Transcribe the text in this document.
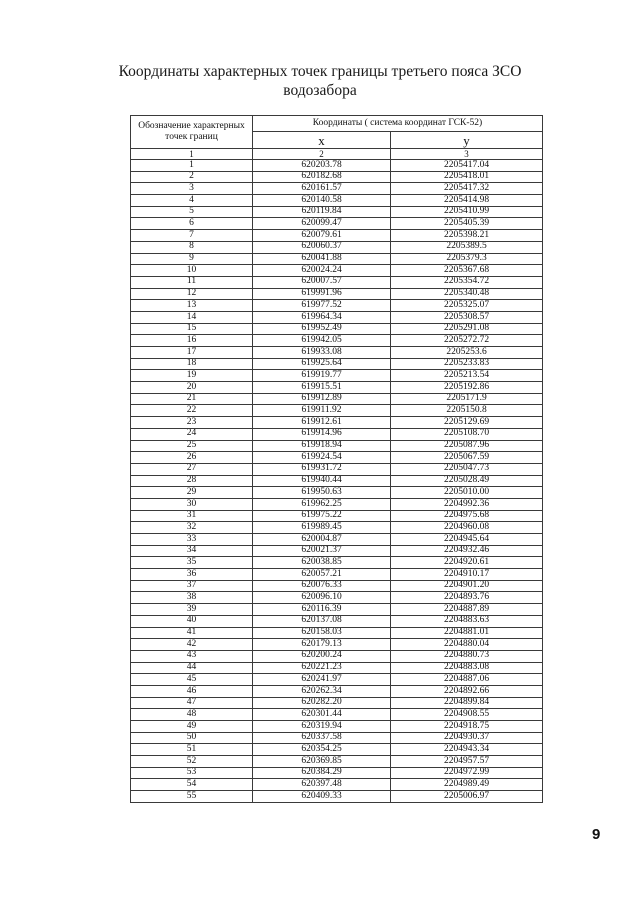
Координаты характерных точек границы третьего пояса ЗСО
водозабора
Обозначение характерных точек границ	Координаты ( система координат ГСК-52)	
	х	у
1	2	3
1	620203.78	2205417.04
2	620182.68	2205418.01
3	620161.57	2205417.32
4	620140.58	2205414.98
5	620119.84	2205410.99
6	620099.47	2205405.39
7	620079.61	2205398.21
8	620060.37	2205389.5
9	620041.88	2205379.3
10	620024.24	2205367.68
11	620007.57	2205354.72
12	619991.96	2205340.48
13	619977.52	2205325.07
14	619964.34	2205308.57
15	619952.49	2205291.08
16	619942.05	2205272.72
17	619933.08	2205253.6
18	619925.64	2205233.83
19	619919.77	2205213.54
20	619915.51	2205192.86
21	619912.89	2205171.9
22	619911.92	2205150.8
23	619912.61	2205129.69
24	619914.96	2205108.70
25	619918.94	2205087.96
26	619924.54	2205067.59
27	619931.72	2205047.73
28	619940.44	2205028.49
29	619950.63	2205010.00
30	619962.25	2204992.36
31	619975.22	2204975.68
32	619989.45	2204960.08
33	620004.87	2204945.64
34	620021.37	2204932.46
35	620038.85	2204920.61
36	620057.21	2204910.17
37	620076.33	2204901.20
38	620096.10	2204893.76
39	620116.39	2204887.89
40	620137.08	2204883.63
41	620158.03	2204881.01
42	620179.13	2204880.04
43	620200.24	2204880.73
44	620221.23	2204883.08
45	620241.97	2204887.06
46	620262.34	2204892.66
47	620282.20	2204899.84
48	620301.44	2204908.55
49	620319.94	2204918.75
50	620337.58	2204930.37
51	620354.25	2204943.34
52	620369.85	2204957.57
53	620384.29	2204972.99
54	620397.48	2204989.49
55	620409.33	2205006.97
9
